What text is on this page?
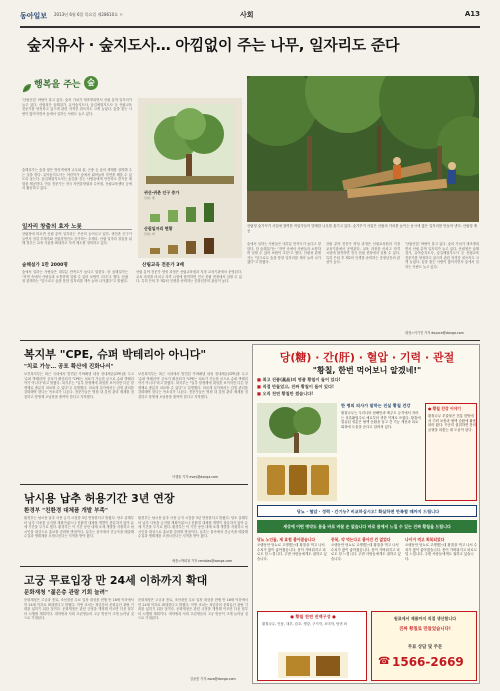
동아일보 2013년 6월 6일 목요일 제28610호 ㅇ	사회	A13
숲지유사 · 숲지도사… 아낌없이 주는 나무, 일자리도 준다
행복을 주는 숲
'산림산업' 바람이 불고 있다. 숲의 가치가 재조명되면서 산림 분야 일자리가 늘고 있다. 산림청은 숲해설가, 유아숲지도사, 숲길체험지도사 등 산림교육 전문가를 양성하고 있으며 관련 자격증 취득자도 크게 늘었다. 숲을 찾는 사람이 많아지면서 숲에서 일하는 사람도 늘고 있다.
숲해설가는 숲을 찾은 방문객에게 나무와 풀, 곤충 등 숲의 생태를 설명해 주는 일을 한다. 유아숲지도사는 어린이가 숲에서 뛰어놀며 자연을 배울 수 있도록 돕는다. 숲길체험지도사는 숲길을 걷는 사람들에게 안전하고 즐거운 체험을 제공한다. 이들 전문가는 전국 자연휴양림과 수목원, 산림교육센터 등에서 활동하고 있다.
일자리 창출의 효자 노릇
산림청에 따르면 산림 분야 일자리는 꾸준히 늘어나고 있다. 귀산촌 인구가 늘면서 임업 후계자와 산림경영인도 증가하는 추세다. 산림 일자리 창출을 위해 정부는 교육 기관을 확대하고 자격 제도를 정비하고 있다.
숲해설가 1만 2000명	산림교육 전문가 3배
숲에서 일하는 사람들은 대부분 만족도가 높다고 말한다. 한 숲해설가는 "자연 속에서 사람들과 소통하며 일할 수 있어 보람이 크다"고 했다. 산림청 관계자는 "앞으로도 숲을 통한 일자리를 계속 늘려 나가겠다"고 밝혔다.
귀산·귀촌 인구 증가
단위: 명
산림일자리 현황
단위: 개
산림 분야 전문가 양성 과정은 산림교육원과 지정 교육기관에서 운영된다. 교육 과정을 마치고 자격 시험에 합격하면 전국 산림 현장에서 일할 수 있다. 특히 은퇴 후 제2의 인생을 준비하는 중장년층의 관심이 높다.
산림청 숲가꾸기 사업에 참여한 작업자들이 벌채한 나무를 옮기고 있다. 숲가꾸기 사업은 산림의 가치를 높이는 동시에 많은 일자리를 만들어 낸다. 산림청 제공
숲에서 일하는 사람들은 대부분 만족도가 높다고 말한다. 한 숲해설가는 "자연 속에서 사람들과 소통하며 일할 수 있어 보람이 크다"고 했다. 산림청 관계자는 "앞으로도 숲을 통한 일자리를 계속 늘려 나가겠다"고 밝혔다.
산림 분야 전문가 양성 과정은 산림교육원과 지정 교육기관에서 운영된다. 교육 과정을 마치고 자격 시험에 합격하면 전국 산림 현장에서 일할 수 있다. 특히 은퇴 후 제2의 인생을 준비하는 중장년층의 관심이 높다.
'산림산업' 바람이 불고 있다. 숲의 가치가 재조명되면서 산림 분야 일자리가 늘고 있다. 산림청은 숲해설가, 유아숲지도사, 숲길체험지도사 등 산림교육 전문가를 양성하고 있으며 관련 자격증 취득자도 크게 늘었다. 숲을 찾는 사람이 많아지면서 숲에서 일하는 사람도 늘고 있다.
대전=이기진 기자 doyoce@donga.com
복지부 "CPE, 슈퍼 박테리아 아니다"
"치료 가능… 공포 확산에 진화나서"
보건복지부는 최근 국내에서 발견된 카바페넴 내성 장내세균(CPE)을 두고 '슈퍼 박테리아' 공포가 확산되자 "CPE는 치료가 가능한 균으로 슈퍼 박테리아가 아니다"라고 밝혔다. 복지부는 "일부 항생제에 내성을 보이지만 다른 항생제로 충분히 치료할 수 있다"고 설명했다. 의료계 일각에서는 감염 관리를 강화해야 한다는 목소리가 나온다. 전문가들은 병원 내 감염 관리 체계를 점검하고 항생제 오남용을 줄여야 한다고 지적했다.
보건복지부는 최근 국내에서 발견된 카바페넴 내성 장내세균(CPE)을 두고 '슈퍼 박테리아' 공포가 확산되자 "CPE는 치료가 가능한 균으로 슈퍼 박테리아가 아니다"라고 밝혔다. 복지부는 "일부 항생제에 내성을 보이지만 다른 항생제로 충분히 치료할 수 있다"고 설명했다. 의료계 일각에서는 감염 관리를 강화해야 한다는 목소리가 나온다. 전문가들은 병원 내 감염 관리 체계를 점검하고 항생제 오남용을 줄여야 한다고 지적했다.
이샘물 기자 evey@donga.com
낚시용 납추 허용기간 3년 연장
환경부 "친환경 대체품 개발 부족"
환경부는 낚시용 납추 사용 금지 시점을 3년 연장한다고 밝혔다. 당초 올해부터 납추 사용을 금지할 계획이었으나 친환경 대체품 개발이 충분하지 않아 유예 기간을 두기로 했다. 환경부는 이 기간 동안 대체 소재 개발을 지원하고 낚시인을 대상으로 홍보를 강화할 방침이다. 납추는 물속에서 중금속을 배출해 수질과 생태계를 오염시킨다는 지적을 받아 왔다.
환경부는 낚시용 납추 사용 금지 시점을 3년 연장한다고 밝혔다. 당초 올해부터 납추 사용을 금지할 계획이었으나 친환경 대체품 개발이 충분하지 않아 유예 기간을 두기로 했다. 환경부는 이 기간 동안 대체 소재 개발을 지원하고 낚시인을 대상으로 홍보를 강화할 방침이다. 납추는 물속에서 중금속을 배출해 수질과 생태계를 오염시킨다는 지적을 받아 왔다.
세종=박희창 기자 ramblas@donga.com
고궁 무료입장 만 24세 이하까지 확대
문화재청 "젊은층 관람 기회 늘려"
문화재청은 고궁과 종묘, 조선왕릉 무료 입장 대상을 현행 만 18세 이하에서 만 24세 이하로 확대한다고 밝혔다. 이번 조치는 청년층의 문화유산 관람 기회를 넓히기 위한 것이다. 문화재청은 관련 규정을 개정해 이르면 다음 달부터 시행할 계획이다. 대학생과 사회 초년생들의 고궁 방문이 크게 늘어날 것으로 기대된다.
문화재청은 고궁과 종묘, 조선왕릉 무료 입장 대상을 현행 만 18세 이하에서 만 24세 이하로 확대한다고 밝혔다. 이번 조치는 청년층의 문화유산 관람 기회를 넓히기 위한 것이다. 문화재청은 관련 규정을 개정해 이르면 다음 달부터 시행할 계획이다. 대학생과 사회 초년생들의 고궁 방문이 크게 늘어날 것으로 기대된다.
김윤종 기자 zozo@donga.com
당(糖) · 간(肝) · 혈압 · 기력 · 관절
"황칠, 한번 먹어보니 알겠네!"
■ 최고 진품(眞品)의 명품 황칠이 들어 있다!
■ 직접 만들었고, 진짜 황칠이 들어 있다!
■ 오직 천연 황칠만 썼습니다!
한 명의 의사가 말하는 진실 황칠 건강
황칠나무는 우리나라 남해안과 제주도 등지에서 자라는 상록활엽수로 예로부터 귀한 약재로 쓰였다. 황칠에 함유된 성분은 혈액 순환을 돕고 간 기능 개선과 피로 회복에 도움을 준다고 알려져 있다.
● 황칠 건강 이야기
황칠나무 추출물은 전통 한방에서 기력 보충과 혈액 순환에 활용되어 왔다. 꾸준히 섭취하면 몸의 균형을 되찾는 데 도움이 된다.
당뇨 · 혈압 · 정력 · 간기능? 비교하십시오! 확실하면 만족할 때까지 드립니다
세상에 어떤 명약도 몸을 바로 바꿀 순 없습니다 바로 몸에서 느낄 수 있는 진짜 황칠을 드립니다
당뇨 노인들, 제 효험 좋아졌습니다
오랫동안 당뇨로 고생했는데 황칠을 먹고 나서 수치가 많이 좋아졌습니다. 몸이 가벼워지고 피로도 덜 느낍니다. 주변 사람들에게도 권하고 있습니다.
중복, 약 먹는다고 좋아진 건 없었다
오랫동안 당뇨로 고생했는데 황칠을 먹고 나서 수치가 많이 좋아졌습니다. 몸이 가벼워지고 피로도 덜 느낍니다. 주변 사람들에게도 권하고 있습니다.
나이거 먹고 회복되었다
오랫동안 당뇨로 고생했는데 황칠을 먹고 나서 수치가 많이 좋아졌습니다. 몸이 가벼워지고 피로도 덜 느낍니다. 주변 사람들에게도 권하고 있습니다.
● 황칠 천연 진액구성 ●
황칠나무, 인삼, 대추, 감초, 생강, 구기자, 오미자, 당귀 외
원료에서 제품까지 직접 생산합니다
진짜 황칠로 만들었습니다!
무료 상담 및 주문
☎ 1566-2669
